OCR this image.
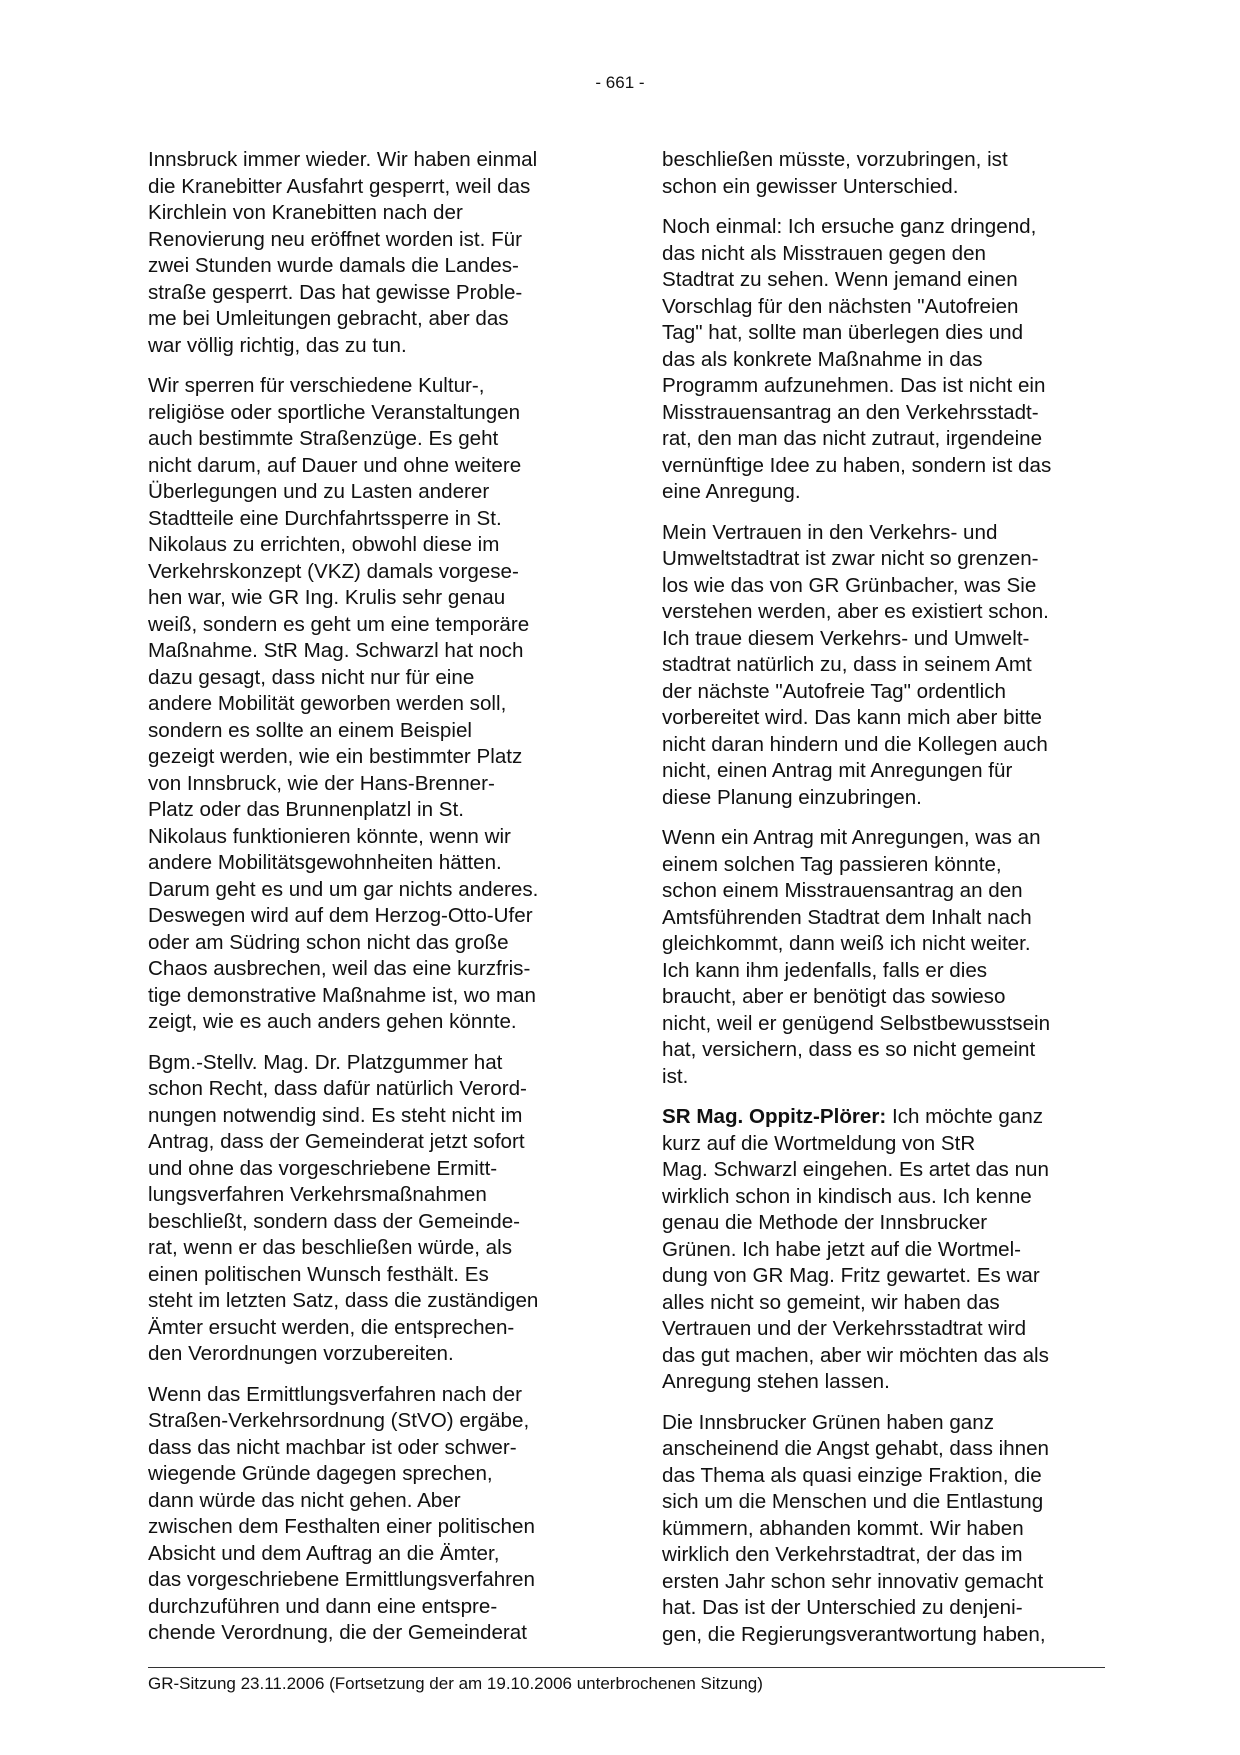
- 661 -

Innsbruck immer wieder. Wir haben einmal
die Kranebitter Ausfahrt gesperrt, weil das
Kirchlein von Kranebitten nach der
Renovierung neu eröffnet worden ist. Für
zwei Stunden wurde damals die Landes-
straße gesperrt. Das hat gewisse Proble-
me bei Umleitungen gebracht, aber das
war völlig richtig, das zu tun.

Wir sperren für verschiedene Kultur-,
religiöse oder sportliche Veranstaltungen
auch bestimmte Straßenzüge. Es geht
nicht darum, auf Dauer und ohne weitere
Überlegungen und zu Lasten anderer
Stadtteile eine Durchfahrtssperre in St.
Nikolaus zu errichten, obwohl diese im
Verkehrskonzept (VKZ) damals vorgese-
hen war, wie GR Ing. Krulis sehr genau
weiß, sondern es geht um eine temporäre
Maßnahme. StR Mag. Schwarzl hat noch
dazu gesagt, dass nicht nur für eine
andere Mobilität geworben werden soll,
sondern es sollte an einem Beispiel
gezeigt werden, wie ein bestimmter Platz
von Innsbruck, wie der Hans-Brenner-
Platz oder das Brunnenplatzl in St.
Nikolaus funktionieren könnte, wenn wir
andere Mobilitätsgewohnheiten hätten.
Darum geht es und um gar nichts anderes.
Deswegen wird auf dem Herzog-Otto-Ufer
oder am Südring schon nicht das große
Chaos ausbrechen, weil das eine kurzfris-
tige demonstrative Maßnahme ist, wo man
zeigt, wie es auch anders gehen könnte.

Bgm.-Stellv. Mag. Dr. Platzgummer hat
schon Recht, dass dafür natürlich Verord-
nungen notwendig sind. Es steht nicht im
Antrag, dass der Gemeinderat jetzt sofort
und ohne das vorgeschriebene Ermitt-
lungsverfahren Verkehrsmaßnahmen
beschließt, sondern dass der Gemeinde-
rat, wenn er das beschließen würde, als
einen politischen Wunsch festhält. Es
steht im letzten Satz, dass die zuständigen
Ämter ersucht werden, die entsprechen-
den Verordnungen vorzubereiten.

Wenn das Ermittlungsverfahren nach der
Straßen-Verkehrsordnung (StVO) ergäbe,
dass das nicht machbar ist oder schwer-
wiegende Gründe dagegen sprechen,
dann würde das nicht gehen. Aber
zwischen dem Festhalten einer politischen
Absicht und dem Auftrag an die Ämter,
das vorgeschriebene Ermittlungsverfahren
durchzuführen und dann eine entspre-
chende Verordnung, die der Gemeinderat

beschließen müsste, vorzubringen, ist
schon ein gewisser Unterschied.

Noch einmal: Ich ersuche ganz dringend,
das nicht als Misstrauen gegen den
Stadtrat zu sehen. Wenn jemand einen
Vorschlag für den nächsten "Autofreien
Tag" hat, sollte man überlegen dies und
das als konkrete Maßnahme in das
Programm aufzunehmen. Das ist nicht ein
Misstrauensantrag an den Verkehrsstadt-
rat, den man das nicht zutraut, irgendeine
vernünftige Idee zu haben, sondern ist das
eine Anregung.

Mein Vertrauen in den Verkehrs- und
Umweltstadtrat ist zwar nicht so grenzen-
los wie das von GR Grünbacher, was Sie
verstehen werden, aber es existiert schon.
Ich traue diesem Verkehrs- und Umwelt-
stadtrat natürlich zu, dass in seinem Amt
der nächste "Autofreie Tag" ordentlich
vorbereitet wird. Das kann mich aber bitte
nicht daran hindern und die Kollegen auch
nicht, einen Antrag mit Anregungen für
diese Planung einzubringen.

Wenn ein Antrag mit Anregungen, was an
einem solchen Tag passieren könnte,
schon einem Misstrauensantrag an den
Amtsführenden Stadtrat dem Inhalt nach
gleichkommt, dann weiß ich nicht weiter.
Ich kann ihm jedenfalls, falls er dies
braucht, aber er benötigt das sowieso
nicht, weil er genügend Selbstbewusstsein
hat, versichern, dass es so nicht gemeint
ist.

SR Mag. Oppitz-Plörer: Ich möchte ganz
kurz auf die Wortmeldung von StR
Mag. Schwarzl eingehen. Es artet das nun
wirklich schon in kindisch aus. Ich kenne
genau die Methode der Innsbrucker
Grünen. Ich habe jetzt auf die Wortmel-
dung von GR Mag. Fritz gewartet. Es war
alles nicht so gemeint, wir haben das
Vertrauen und der Verkehrsstadtrat wird
das gut machen, aber wir möchten das als
Anregung stehen lassen.

Die Innsbrucker Grünen haben ganz
anscheinend die Angst gehabt, dass ihnen
das Thema als quasi einzige Fraktion, die
sich um die Menschen und die Entlastung
kümmern, abhanden kommt. Wir haben
wirklich den Verkehrstadtrat, der das im
ersten Jahr schon sehr innovativ gemacht
hat. Das ist der Unterschied zu denjeni-
gen, die Regierungsverantwortung haben,

GR-Sitzung 23.11.2006 (Fortsetzung der am 19.10.2006 unterbrochenen Sitzung)
